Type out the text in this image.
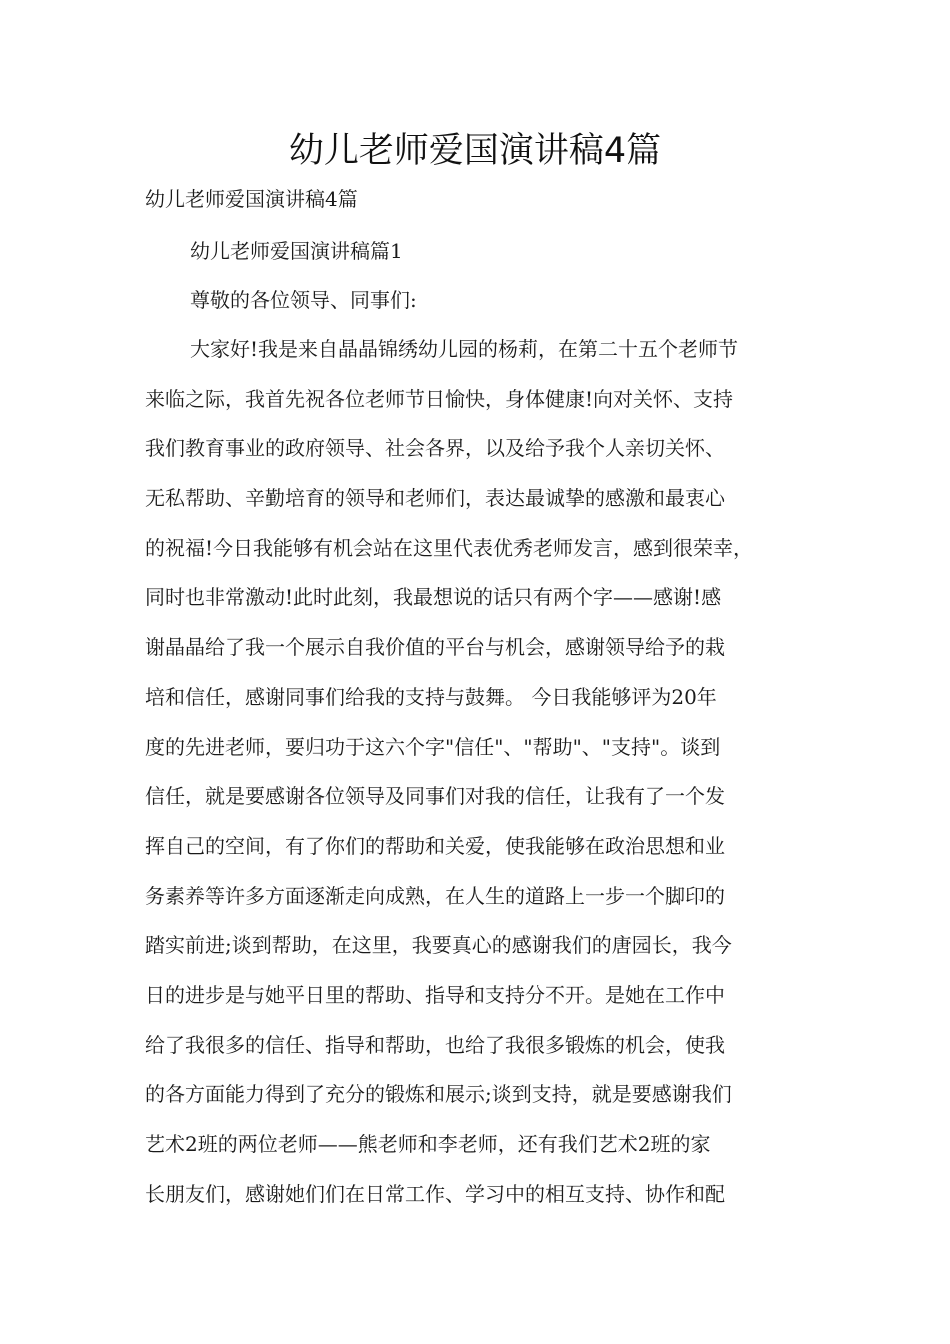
幼儿老师爱国演讲稿4篇

幼儿老师爱国演讲稿4篇

幼儿老师爱国演讲稿篇1

尊敬的各位领导、同事们:

大家好!我是来自晶晶锦绣幼儿园的杨莉，在第二十五个老师节
来临之际，我首先祝各位老师节日愉快，身体健康!向对关怀、支持
我们教育事业的政府领导、社会各界，以及给予我个人亲切关怀、
无私帮助、辛勤培育的领导和老师们，表达最诚挚的感激和最衷心
的祝福!今日我能够有机会站在这里代表优秀老师发言，感到很荣幸，
同时也非常激动!此时此刻，我最想说的话只有两个字——感谢!感
谢晶晶给了我一个展示自我价值的平台与机会，感谢领导给予的栽
培和信任，感谢同事们给我的支持与鼓舞。 今日我能够评为20年
度的先进老师，要归功于这六个字"信任"、"帮助"、"支持"。谈到
信任，就是要感谢各位领导及同事们对我的信任，让我有了一个发
挥自己的空间，有了你们的帮助和关爱，使我能够在政治思想和业
务素养等许多方面逐渐走向成熟，在人生的道路上一步一个脚印的
踏实前进;谈到帮助，在这里，我要真心的感谢我们的唐园长，我今
日的进步是与她平日里的帮助、指导和支持分不开。是她在工作中
给了我很多的信任、指导和帮助，也给了我很多锻炼的机会，使我
的各方面能力得到了充分的锻炼和展示;谈到支持，就是要感谢我们
艺术2班的两位老师——熊老师和李老师，还有我们艺术2班的家
长朋友们，感谢她们们在日常工作、学习中的相互支持、协作和配
